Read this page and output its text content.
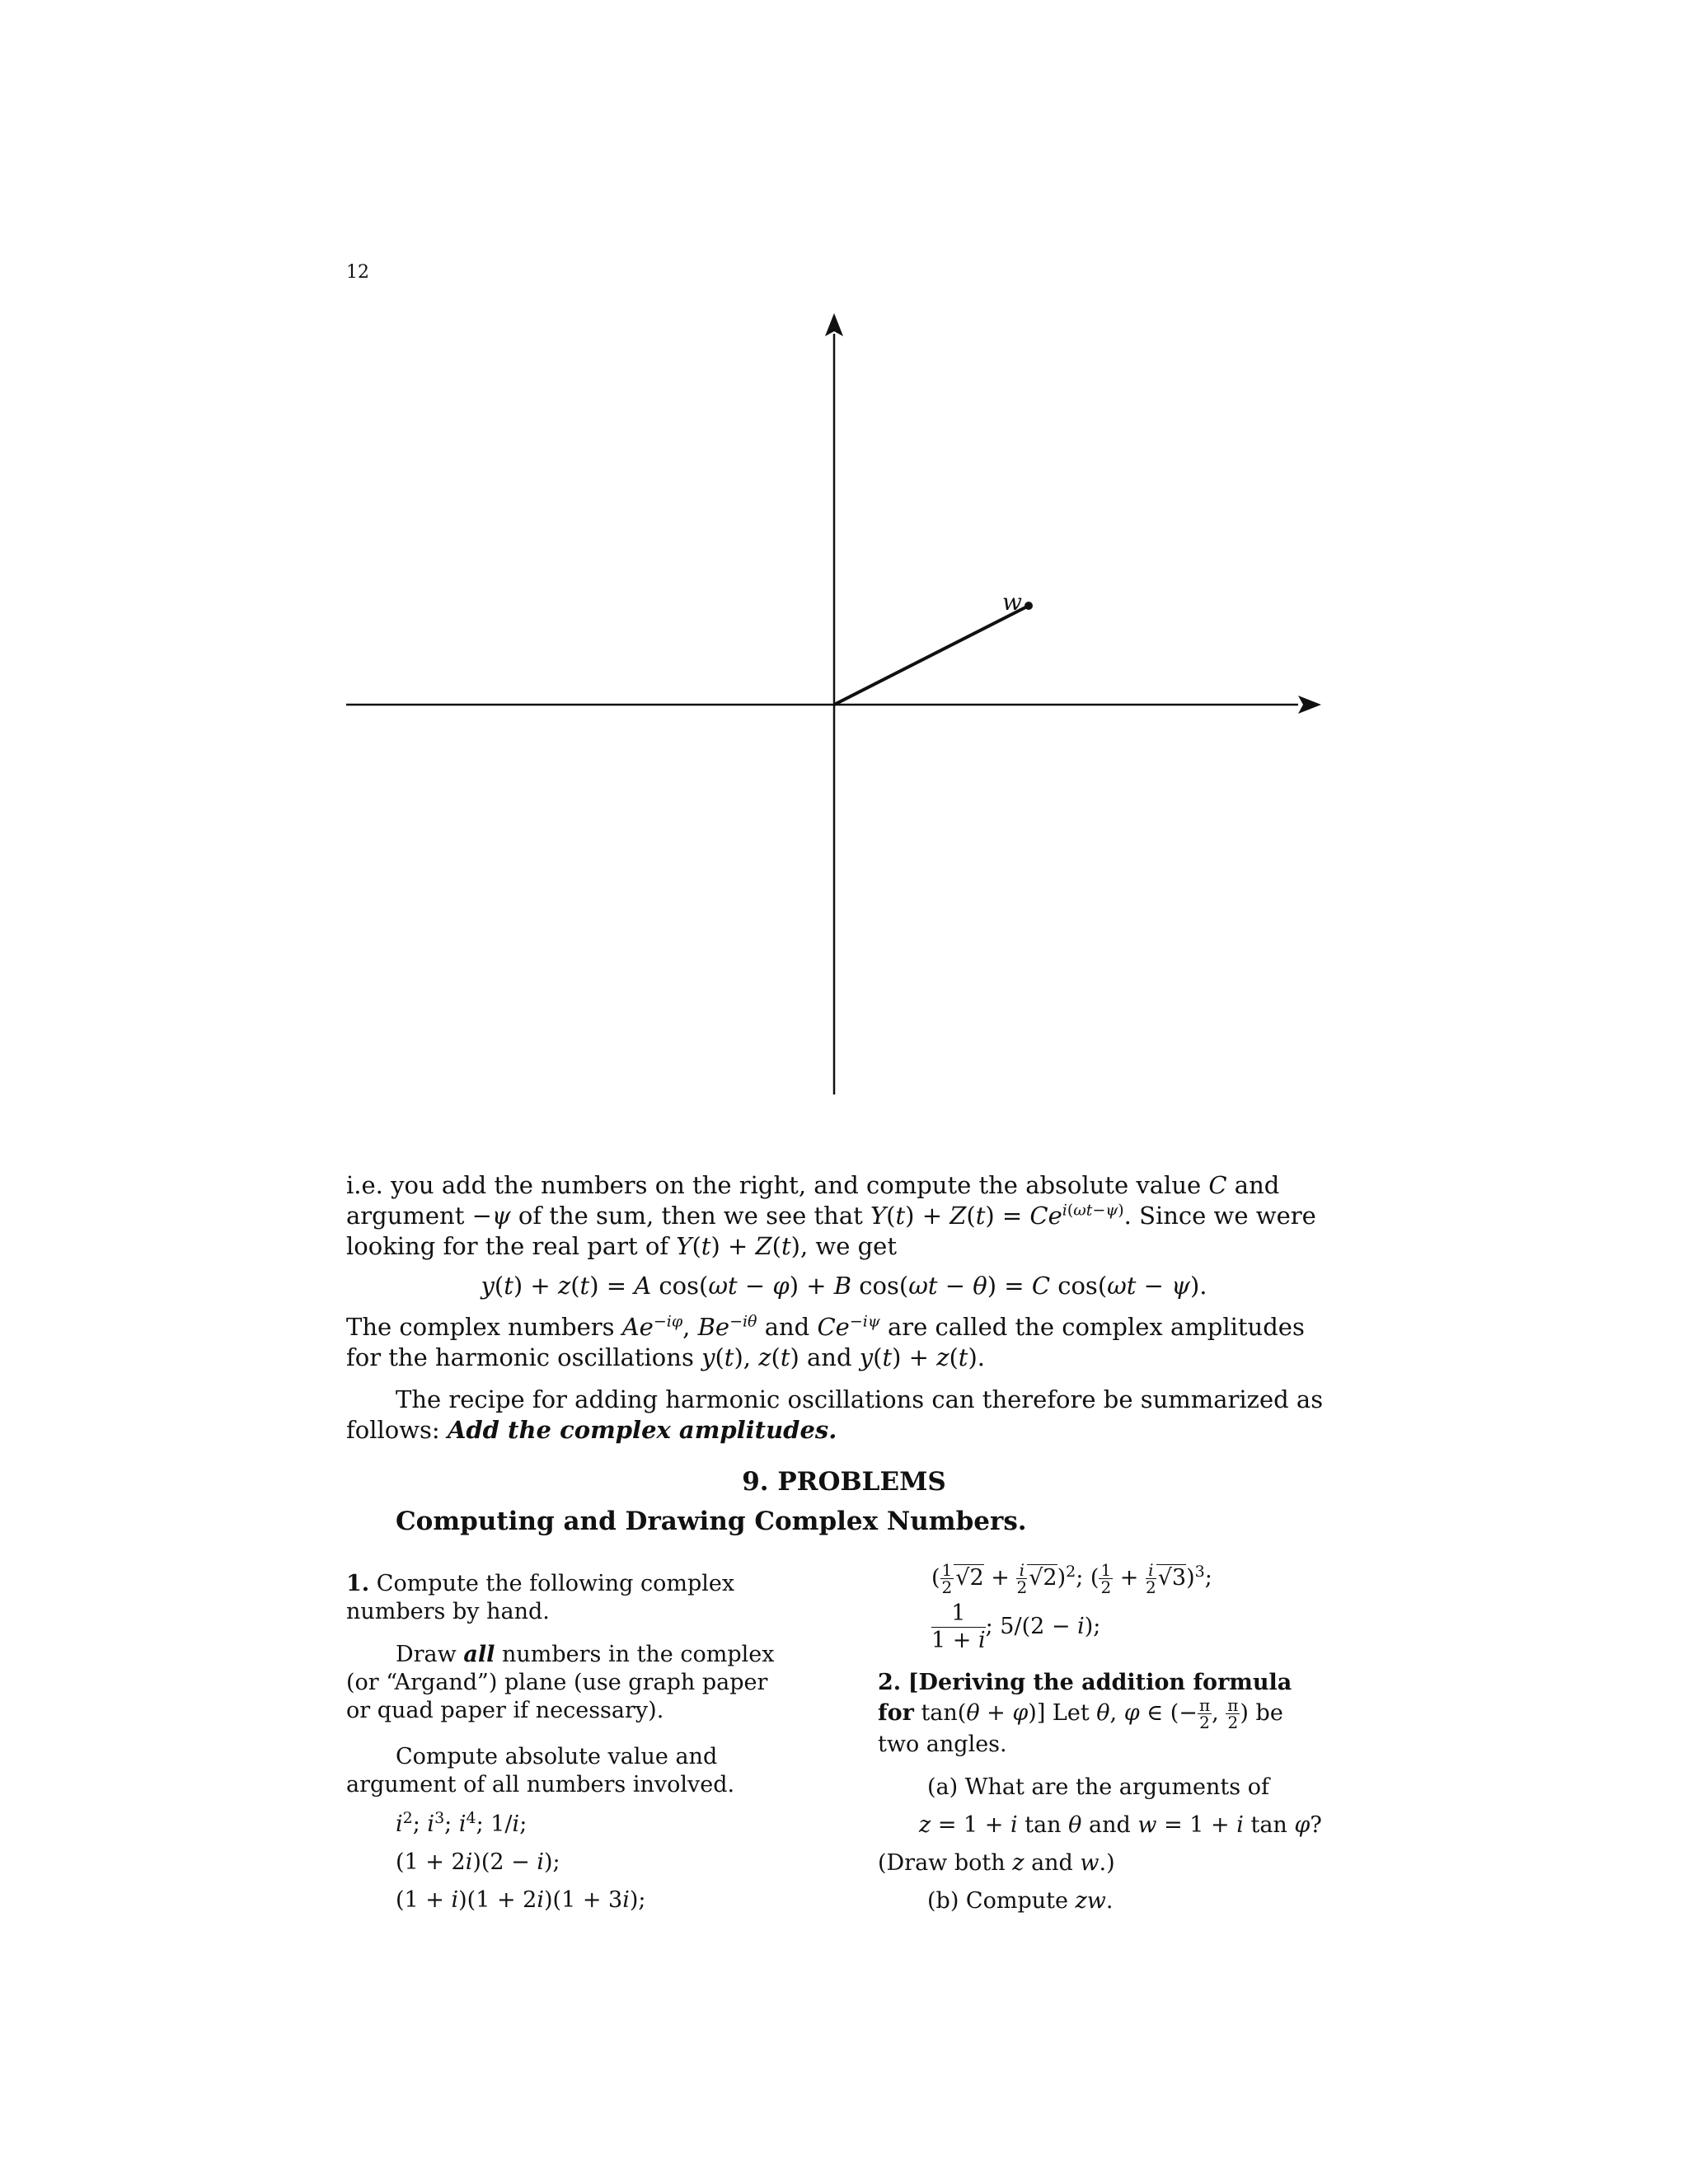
12
w

i.e. you add the numbers on the right, and compute the absolute value C and argument −ψ of the sum, then we see that $Y(t) + Z(t) = Ce^{i(\omega t-\psi)}$. Since we were looking for the real part of Y(t) + Z(t), we get

y(t) + z(t) = A cos(ωt − φ) + B cos(ωt − θ) = C cos(ωt − ψ).

The complex numbers $Ae^{-i\varphi}$, $Be^{-i\theta}$ and $Ce^{-i\psi}$ are called the complex amplitudes for the harmonic oscillations y(t), z(t) and y(t) + z(t).

The recipe for adding harmonic oscillations can therefore be summarized as follows: Add the complex amplitudes.

9. PROBLEMS
Computing and Drawing Complex Numbers.

1. Compute the following complex numbers by hand.

Draw all numbers in the complex (or “Argand”) plane (use graph paper or quad paper if necessary).

Compute absolute value and argument of all numbers involved.

$i^2$; $i^3$; $i^4$; 1/i;

(1 + 2i)(2 − i);

(1 + i)(1 + 2i)(1 + 3i);

( $\frac{1}{2} √2 + \frac{i}{2} √2)^2$; ( $\frac{1}{2} + \frac{i}{2} √3)^3$;

$\frac{1}{1 + i}$ ; 5/(2 − i);

2. [Deriving the addition formula for tan(θ + φ)] Let θ, φ ∈ (− $\frac{\pi}{2}$ , $\frac{\pi}{2}$ ) be two angles.

(a) What are the arguments of

z = 1 + i tan θ and w = 1 + i tan φ?

(Draw both z and w.)

(b) Compute zw.
